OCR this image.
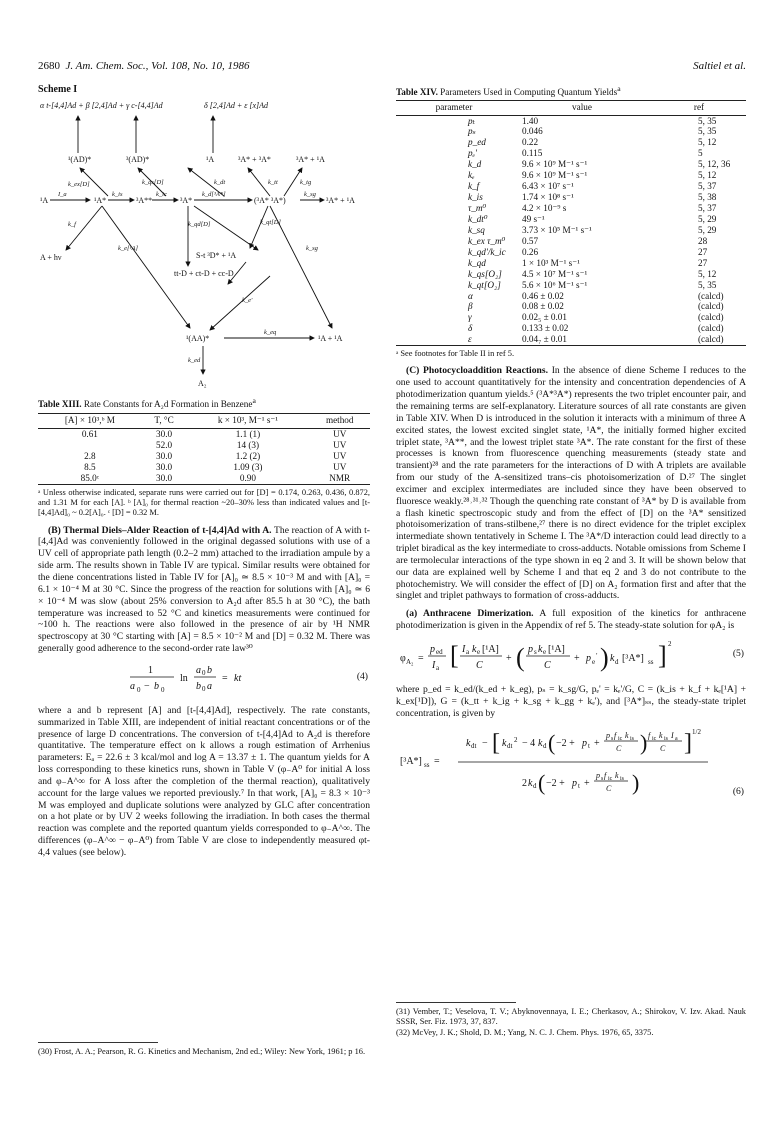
2680 J. Am. Chem. Soc., Vol. 108, No. 10, 1986	Saltiel et al.
Scheme I
α t-[4,4]Ad + β [2,4]Ad + γ c-[4,4]Ad	δ [2,4]Ad + ε [x]Ad
¹(AD)*	³(AD)*	¹A	³A* + ³A*	³A* + ¹A
¹A	¹A*	³A**	³A*	(³A* ³A*)	³A* + ¹A
A + hν	S-t ³D* + ¹A
tt-D + ct-D + cc-D
¹(AA)*	¹A + ¹A
A₂
I_a	k_is	k_ic	k_d[³A*]	k_sg
k_ex[D]	k_qs[D]	k_dt	k_tt	k_tg
k_f	k_qd[D]	k_qt[D]
k_e[¹A]	k_sg
k_e'
k_eq
k_ed
Table XIII. Rate Constants for A₂d Formation in Benzene$^a$
[A] × 10³,ᵇ M	T, °C	k × 10³, M⁻¹ s⁻¹	method
0.61	30.0	1.1 (1)	UV
	52.0	14 (3)	UV
2.8	30.0	1.2 (2)	UV
8.5	30.0	1.09 (3)	UV
85.0ᶜ	30.0	0.90	NMR
ᵃ Unless otherwise indicated, separate runs were carried out for [D] = 0.174, 0.263, 0.436, 0.872, and 1.31 M for each [A]. ᵇ [A]₀ for thermal reaction ~20–30% less than indicated values and [t-[4,4]Ad]₀ ~ 0.2[A]₀. ᶜ [D] = 0.32 M.

(B) Thermal Diels–Alder Reaction of t-[4,4]Ad with A. The reaction of A with t-[4,4]Ad was conveniently followed in the original degassed solutions with use of a UV cell of appropriate path length (0.2–2 mm) attached to the irradiation ampule by a side arm. The results shown in Table IV are typical. Similar results were obtained for the diene concentrations listed in Table IV for [A]₀ ≃ 8.5 × 10⁻³ M and with [A]₀ = 6.1 × 10⁻⁴ M at 30 °C. Since the progress of the reaction for solutions with [A]₀ ≃ 6 × 10⁻⁴ M was slow (about 25% conversion to A₂d after 85.5 h at 30 °C), the bath temperature was increased to 52 °C and kinetics measurements were continued for ~100 h. The reactions were also followed in the presence of air by ¹H NMR spectroscopy at 30 °C starting with [A] = 8.5 × 10⁻² M and [D] = 0.32 M. There was generally good adherence to the second-order rate law³⁰

1
a 0 − b 0
ln
a 0 b
b 0 a
= kt	(4)

where a and b represent [A] and [t-[4,4]Ad], respectively. The rate constants, summarized in Table XIII, are independent of initial reactant concentrations or of the presence of large D concentrations. The conversion of t-[4,4]Ad to A₂d is therefore quantitative. The temperature effect on k allows a rough estimation of Arrhenius parameters: Eₐ = 22.6 ± 3 kcal/mol and log A = 13.37 ± 1. The quantum yields for A loss corresponding to these kinetics runs, shown in Table V (φ₋A⁰ for initial A loss and φ₋A^∞ for A loss after the completion of the thermal reaction), qualitatively account for the large values we reported previously.⁷ In that work, [A]₀ = 8.3 × 10⁻³ M was employed and duplicate solutions were analyzed by GLC after concentration on a hot plate or by UV 2 weeks following the irradiation. In both cases the thermal reaction was complete and the reported quantum yields corresponded to φ₋A^∞. The differences (φ₋A^∞ − φ₋A⁰) from Table V are close to independently measured φt-4,4 values (see below).

(30) Frost, A. A.; Pearson, R. G. Kinetics and Mechanism, 2nd ed.; Wiley: New York, 1961; p 16.
Table XIV. Parameters Used in Computing Quantum Yields$^a$
parameter	value	ref
pₜ	1.40	5, 35
pₛ	0.046	5, 35
p_ed	0.22	5, 12
pₑ'	0.115	5
k_d	9.6 × 10⁹ M⁻¹ s⁻¹	5, 12, 36
kₑ	9.6 × 10⁹ M⁻¹ s⁻¹	5, 12
k_f	6.43 × 10⁷ s⁻¹	5, 37
k_is	1.74 × 10⁸ s⁻¹	5, 38
τ_m⁰	4.2 × 10⁻⁹ s	5, 37
k_dt⁰	49 s⁻¹	5, 29
k_sq	3.73 × 10⁵ M⁻¹ s⁻¹	5, 29
k_ex τ_m⁰	0.57	28
k_qd'/k_ic	0.26	27
k_qd	1 × 10³ M⁻¹ s⁻¹	27
k_qs[O₂]	4.5 × 10⁷ M⁻¹ s⁻¹	5, 12
k_qt[O₂]	5.6 × 10⁶ M⁻¹ s⁻¹	5, 35
α	0.46 ± 0.02	(calcd)
β	0.08 ± 0.02	(calcd)
γ	0.02₅ ± 0.01	(calcd)
δ	0.133 ± 0.02	(calcd)
ε	0.04₇ ± 0.01	(calcd)
ᵃ See footnotes for Table II in ref 5.

(C) Photocycloaddition Reactions. In the absence of diene Scheme I reduces to the one used to account quantitatively for the intensity and concentration dependencies of A photodimerization quantum yields.⁵ (³A*³A*) represents the two triplet encounter pair, and the remaining terms are self-explanatory. Literature sources of all rate constants are given in Table XIV. When D is introduced in the solution it interacts with a minimum of three A excited states, the lowest excited singlet state, ¹A*, the initially formed higher excited triplet state, ³A**, and the lowest triplet state ³A*. The rate constant for the first of these processes is known from fluorescence quenching measurements (steady state and transient)²⁸ and the rate parameters for the interactions of D with A triplets are available from our study of the A-sensitized trans–cis photoisomerization of D.²⁷ The singlet excimer and exciplex intermediates are included since they have been observed to fluoresce weakly.²⁸˒³¹˒³² Though the quenching rate constant of ³A* by D is available from a flash kinetic spectroscopic study and from the effect of [D] on the ³A* sensitized photoisomerization of trans-stilbene,²⁷ there is no direct evidence for the triplet exciplex intermediate shown tentatively in Scheme I. The ³A*/D interaction could lead directly to a triplet biradical as the key intermediate to cross-adducts. Notable omissions from Scheme I are termolecular interactions of the type shown in eq 2 and 3. It will be shown below that our data are explained well by Scheme I and that eq 2 and 3 do not contribute to the photochemistry. We will consider the effect of [D] on A₂ formation first and after that the singlet and triplet pathways to formation of cross-adducts.

(a) Anthracene Dimerization. A full exposition of the kinetics for anthracene photodimerization is given in the Appendix of ref 5. The steady-state solution for φA₂ is

φ A₂ =
p ed
I a [ I a k e [¹A]
C
+ ( p s k e [¹A]
C
+ p e
′ ) k d [³A*] ss ] 2
(5)

where p_ed = k_ed/(k_ed + k_eg), pₛ = k_sg/G, pₑ' = kₑ'/G, C = (k_is + k_f + kₑ[¹A] + k_ex[¹D]), G = (k_tt + k_ig + k_sg + k_gg + kₑ'), and [³A*]ₛₛ, the steady-state triplet concentration, is given by

[³A*] ss =
k dt − [ k dt
2 − 4 k d ( −2 + p t +
p s f ic k is
C ) f ic k is I a
C ] 1/2
2 k d ( −2 + p t +
p s f ic k is
C )	(6)
(31) Vember, T.; Veselova, T. V.; Abyknovennaya, I. E.; Cherkasov, A.; Shirokov, V. Izv. Akad. Nauk SSSR, Ser. Fiz. 1973, 37, 837.
(32) McVey, J. K.; Shold, D. M.; Yang, N. C. J. Chem. Phys. 1976, 65, 3375.
